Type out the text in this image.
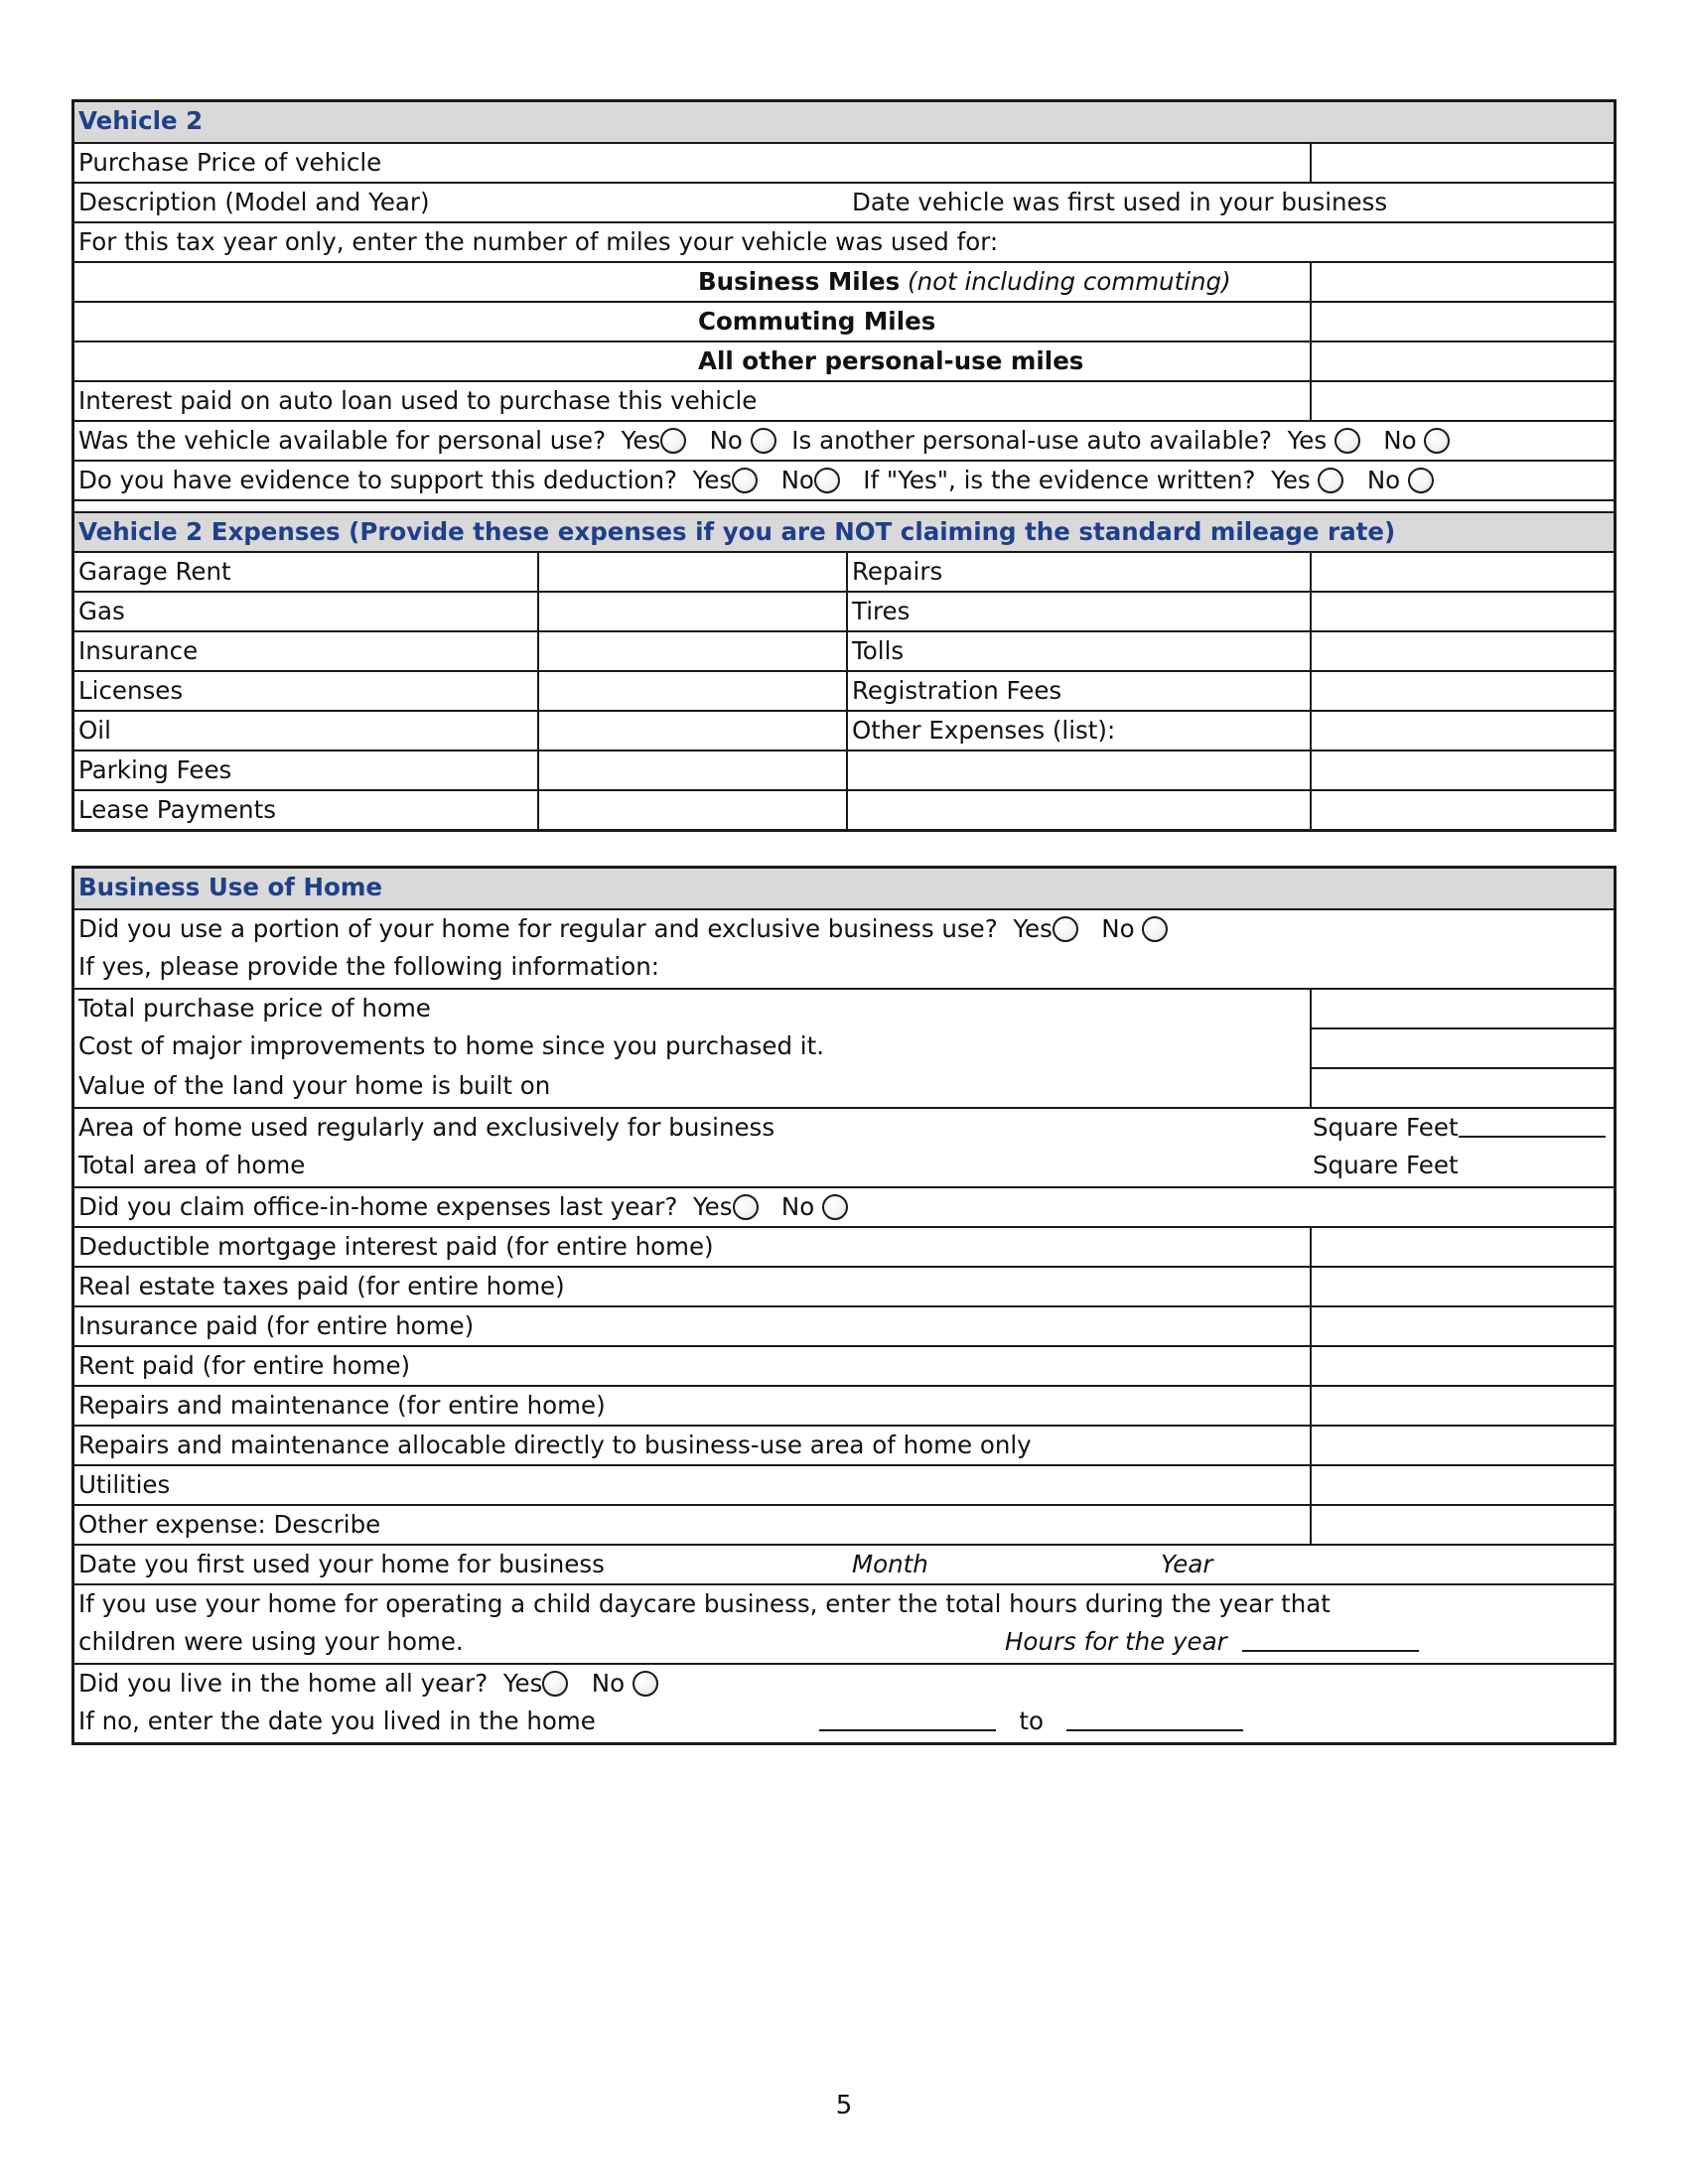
Vehicle 2
Purchase Price of vehicle
Description (Model and Year)	Date vehicle was first used in your business
For this tax year only, enter the number of miles your vehicle was used for:
Business Miles (not including commuting)
Commuting Miles
All other personal-use miles
Interest paid on auto loan used to purchase this vehicle
Was the vehicle available for personal use? Yes No Is another personal-use auto available? Yes No
Do you have evidence to support this deduction? Yes No If "Yes", is the evidence written? Yes No
Vehicle 2 Expenses (Provide these expenses if you are NOT claiming the standard mileage rate)
Garage Rent	Repairs
Gas	Tires
Insurance	Tolls
Licenses	Registration Fees
Oil	Other Expenses (list):
Parking Fees
Lease Payments
Business Use of Home
Did you use a portion of your home for regular and exclusive business use? Yes No
If yes, please provide the following information:
Total purchase price of home
Cost of major improvements to home since you purchased it.
Value of the land your home is built on
Area of home used regularly and exclusively for business	Square Feet
Total area of home	Square Feet
Did you claim office-in-home expenses last year? Yes No
Deductible mortgage interest paid (for entire home)
Real estate taxes paid (for entire home)
Insurance paid (for entire home)
Rent paid (for entire home)
Repairs and maintenance (for entire home)
Repairs and maintenance allocable directly to business-use area of home only
Utilities
Other expense: Describe
Date you first used your home for business	Month	Year
If you use your home for operating a child daycare business, enter the total hours during the year that
children were using your home.	Hours for the year
Did you live in the home all year? Yes No
If no, enter the date you lived in the home	to
5
